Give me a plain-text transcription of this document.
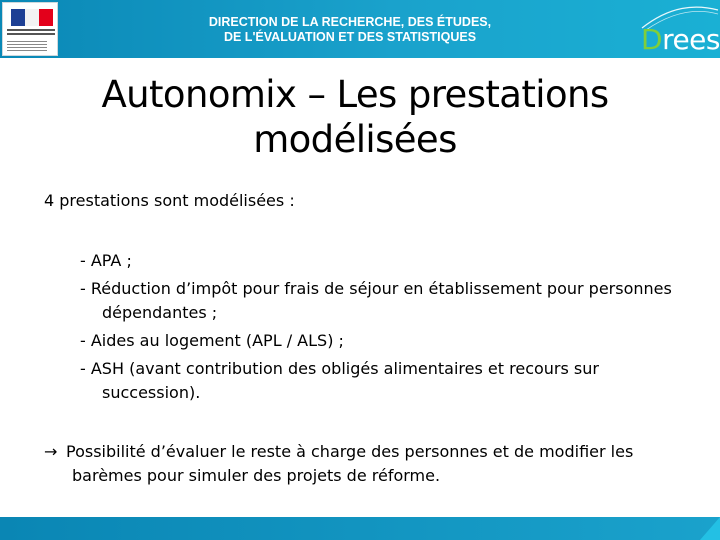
DIRECTION DE LA RECHERCHE, DES ÉTUDES,
DE L'ÉVALUATION ET DES STATISTIQUES	Drees
Autonomix – Les prestations modélisées
4 prestations sont modélisées :
- APA ;
- Réduction d’impôt pour frais de séjour en établissement pour personnes dépendantes ;
- Aides au logement (APL / ALS) ;
- ASH (avant contribution des obligés alimentaires et recours sur succession).
→ Possibilité d’évaluer le reste à charge des personnes et de modifier les barèmes pour simuler des projets de réforme.
